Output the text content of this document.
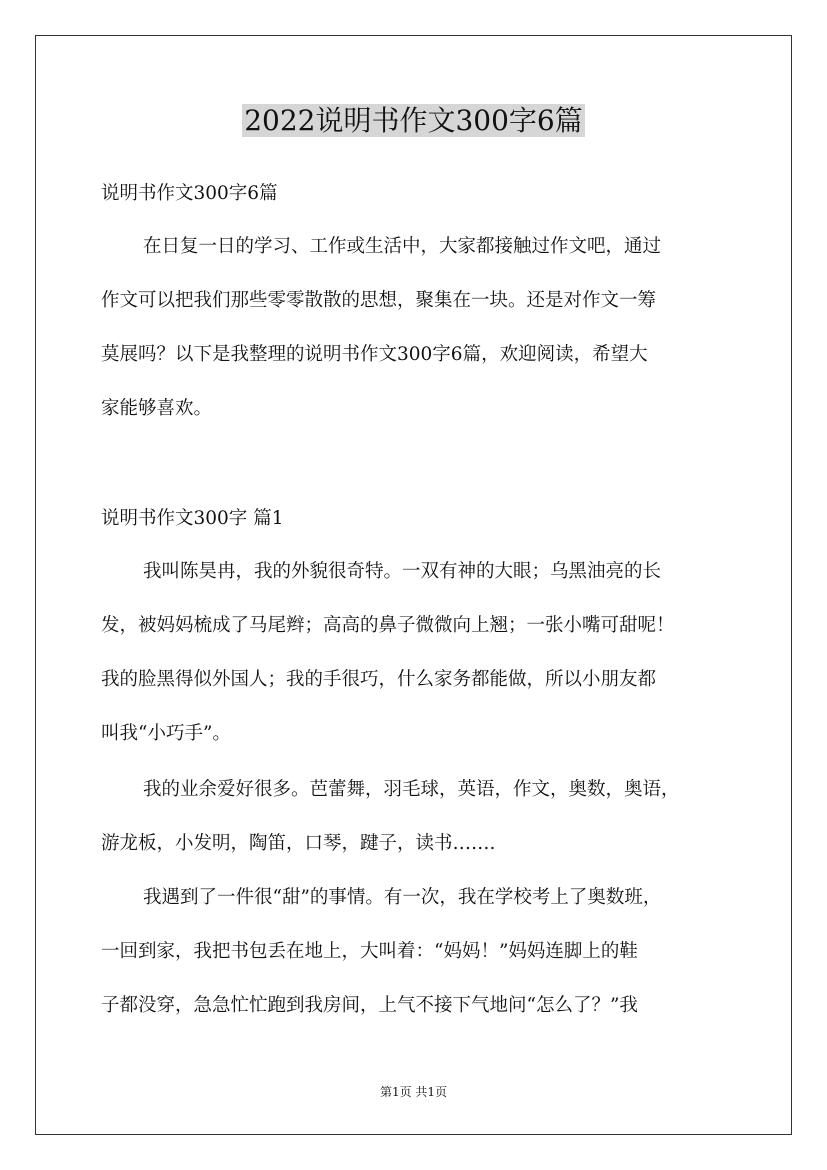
2022说明书作文300字6篇

说明书作文300字6篇

在日复一日的学习、工作或生活中，大家都接触过作文吧，通过
作文可以把我们那些零零散散的思想，聚集在一块。还是对作文一筹
莫展吗？以下是我整理的说明书作文300字6篇，欢迎阅读，希望大
家能够喜欢。

说明书作文300字 篇1

我叫陈昊冉，我的外貌很奇特。一双有神的大眼；乌黑油亮的长
发，被妈妈梳成了马尾辫；高高的鼻子微微向上翘；一张小嘴可甜呢！
我的脸黑得似外国人；我的手很巧，什么家务都能做，所以小朋友都
叫我“小巧手”。

我的业余爱好很多。芭蕾舞，羽毛球，英语，作文，奥数，奥语，
游龙板，小发明，陶笛，口琴，踺子，读书…….

我遇到了一件很“甜”的事情。有一次，我在学校考上了奥数班，
一回到家，我把书包丢在地上，大叫着：“妈妈！”妈妈连脚上的鞋
子都没穿，急急忙忙跑到我房间，上气不接下气地问“怎么了？”我

第1页 共1页
